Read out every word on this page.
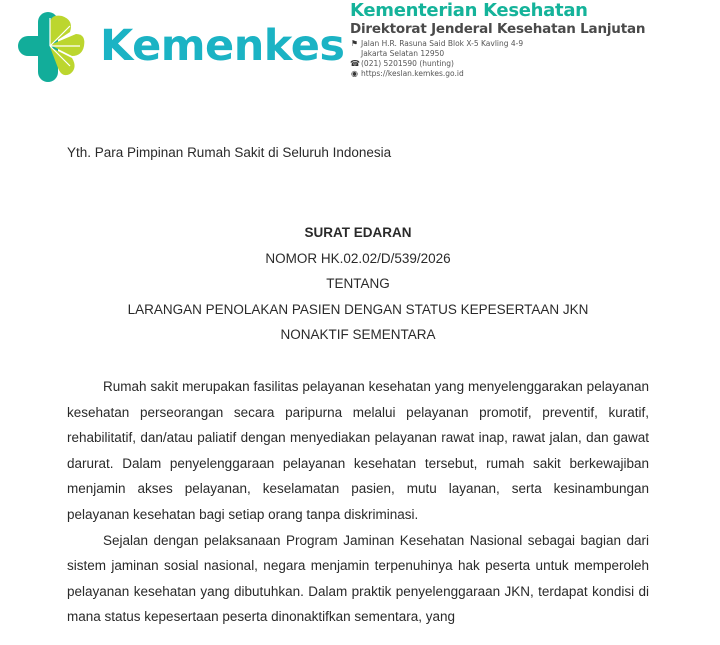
Kemenkes
Kementerian Kesehatan
Direktorat Jenderal Kesehatan Lanjutan
⚑ Jalan H.R. Rasuna Said Blok X-5 Kavling 4-9
Jakarta Selatan 12950
☎ (021) 5201590 (hunting)
◉ https://keslan.kemkes.go.id
Yth. Para Pimpinan Rumah Sakit di Seluruh Indonesia
SURAT EDARAN
NOMOR HK.02.02/D/539/2026
TENTANG
LARANGAN PENOLAKAN PASIEN DENGAN STATUS KEPESERTAAN JKN
NONAKTIF SEMENTARA

Rumah sakit merupakan fasilitas pelayanan kesehatan yang menyelenggarakan pelayanan kesehatan perseorangan secara paripurna melalui pelayanan promotif, preventif, kuratif, rehabilitatif, dan/atau paliatif dengan menyediakan pelayanan rawat inap, rawat jalan, dan gawat darurat. Dalam penyelenggaraan pelayanan kesehatan tersebut, rumah sakit berkewajiban menjamin akses pelayanan, keselamatan pasien, mutu layanan, serta kesinambungan pelayanan kesehatan bagi setiap orang tanpa diskriminasi.

Sejalan dengan pelaksanaan Program Jaminan Kesehatan Nasional sebagai bagian dari sistem jaminan sosial nasional, negara menjamin terpenuhinya hak peserta untuk memperoleh pelayanan kesehatan yang dibutuhkan. Dalam praktik penyelenggaraan JKN, terdapat kondisi di mana status kepesertaan peserta dinonaktifkan sementara, yang
